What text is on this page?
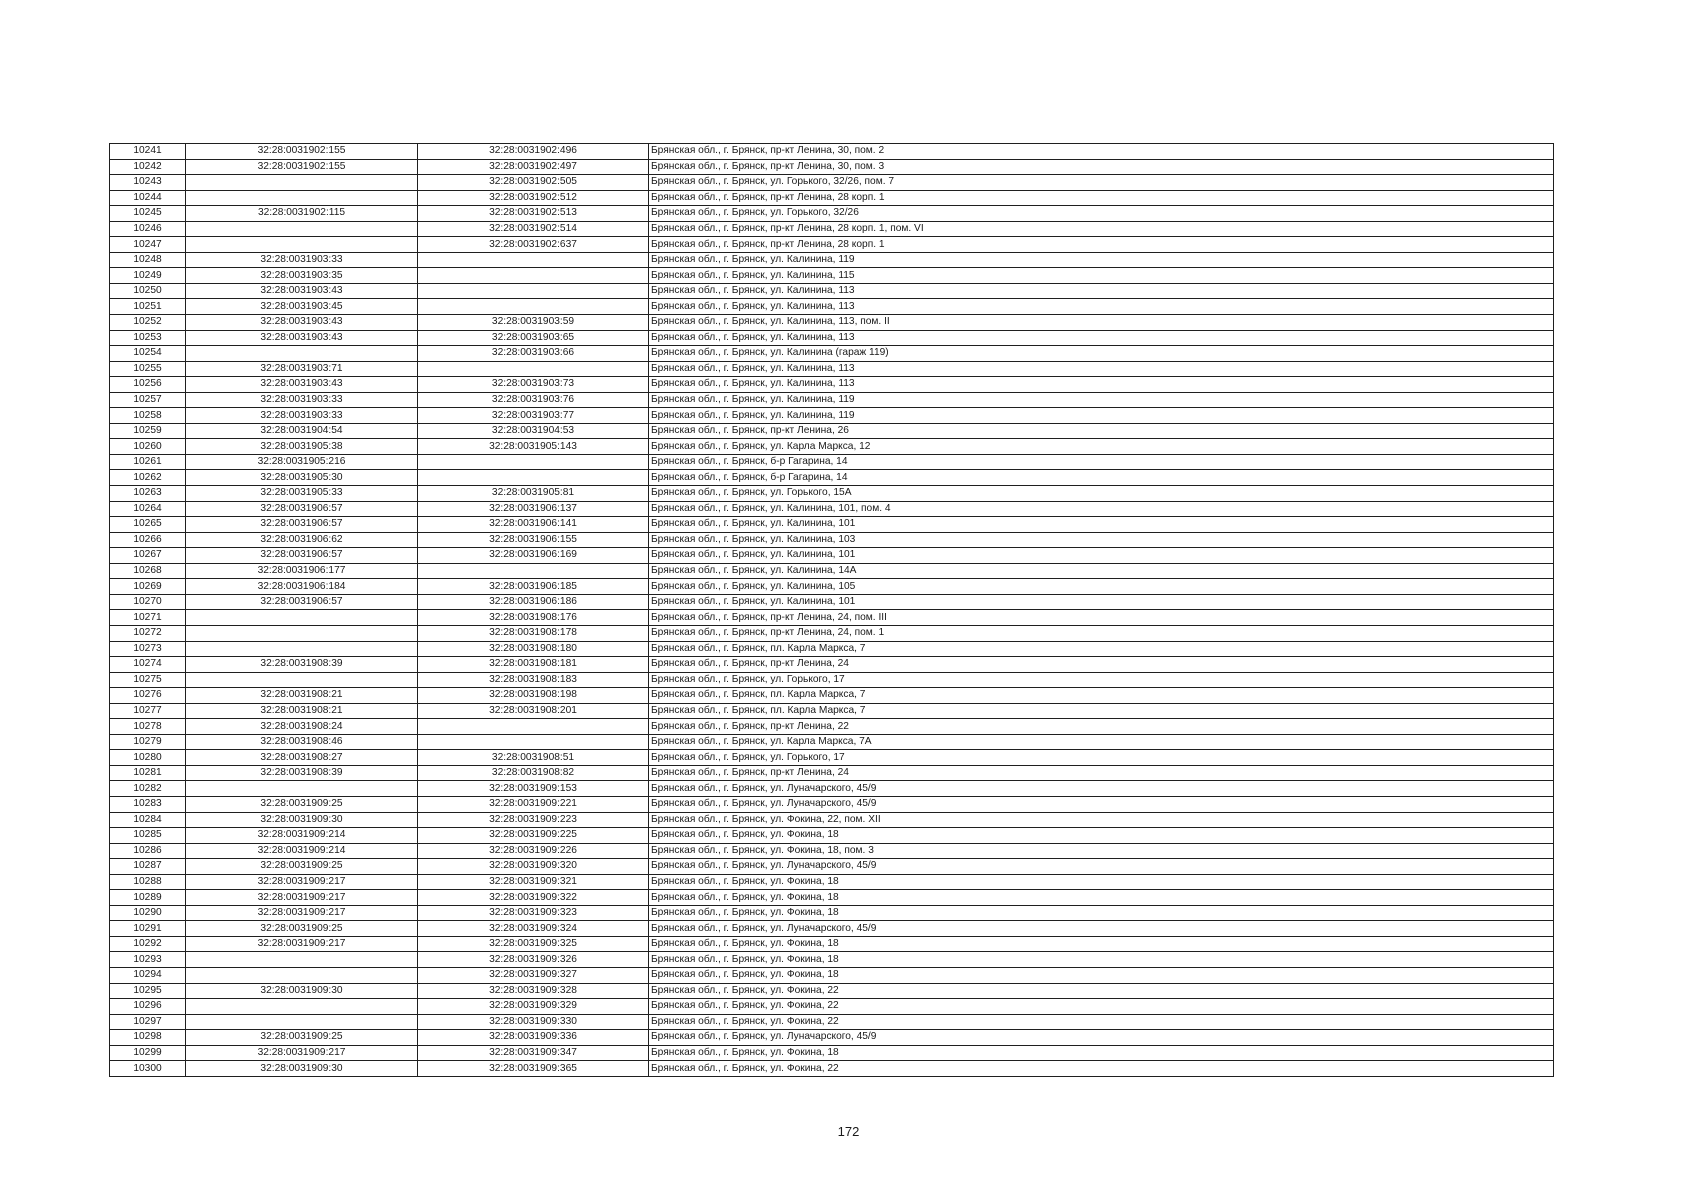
10241	32:28:0031902:155	32:28:0031902:496	Брянская обл., г. Брянск, пр-кт Ленина, 30, пом. 2
10242	32:28:0031902:155	32:28:0031902:497	Брянская обл., г. Брянск, пр-кт Ленина, 30, пом. 3
10243		32:28:0031902:505	Брянская обл., г. Брянск, ул. Горького, 32/26, пом. 7
10244		32:28:0031902:512	Брянская обл., г. Брянск, пр-кт Ленина, 28 корп. 1
10245	32:28:0031902:115	32:28:0031902:513	Брянская обл., г. Брянск, ул. Горького, 32/26
10246		32:28:0031902:514	Брянская обл., г. Брянск, пр-кт Ленина, 28 корп. 1, пом. VI
10247		32:28:0031902:637	Брянская обл., г. Брянск, пр-кт Ленина, 28 корп. 1
10248	32:28:0031903:33		Брянская обл., г. Брянск, ул. Калинина, 119
10249	32:28:0031903:35		Брянская обл., г. Брянск, ул. Калинина, 115
10250	32:28:0031903:43		Брянская обл., г. Брянск, ул. Калинина, 113
10251	32:28:0031903:45		Брянская обл., г. Брянск, ул. Калинина, 113
10252	32:28:0031903:43	32:28:0031903:59	Брянская обл., г. Брянск, ул. Калинина, 113, пом. II
10253	32:28:0031903:43	32:28:0031903:65	Брянская обл., г. Брянск, ул. Калинина, 113
10254		32:28:0031903:66	Брянская обл., г. Брянск, ул. Калинина (гараж 119)
10255	32:28:0031903:71		Брянская обл., г. Брянск, ул. Калинина, 113
10256	32:28:0031903:43	32:28:0031903:73	Брянская обл., г. Брянск, ул. Калинина, 113
10257	32:28:0031903:33	32:28:0031903:76	Брянская обл., г. Брянск, ул. Калинина, 119
10258	32:28:0031903:33	32:28:0031903:77	Брянская обл., г. Брянск, ул. Калинина, 119
10259	32:28:0031904:54	32:28:0031904:53	Брянская обл., г. Брянск, пр-кт Ленина, 26
10260	32:28:0031905:38	32:28:0031905:143	Брянская обл., г. Брянск, ул. Карла Маркса, 12
10261	32:28:0031905:216		Брянская обл., г. Брянск, б-р Гагарина, 14
10262	32:28:0031905:30		Брянская обл., г. Брянск, б-р Гагарина, 14
10263	32:28:0031905:33	32:28:0031905:81	Брянская обл., г. Брянск, ул. Горького, 15А
10264	32:28:0031906:57	32:28:0031906:137	Брянская обл., г. Брянск, ул. Калинина, 101, пом. 4
10265	32:28:0031906:57	32:28:0031906:141	Брянская обл., г. Брянск, ул. Калинина, 101
10266	32:28:0031906:62	32:28:0031906:155	Брянская обл., г. Брянск, ул. Калинина, 103
10267	32:28:0031906:57	32:28:0031906:169	Брянская обл., г. Брянск, ул. Калинина, 101
10268	32:28:0031906:177		Брянская обл., г. Брянск, ул. Калинина, 14А
10269	32:28:0031906:184	32:28:0031906:185	Брянская обл., г. Брянск, ул. Калинина, 105
10270	32:28:0031906:57	32:28:0031906:186	Брянская обл., г. Брянск, ул. Калинина, 101
10271		32:28:0031908:176	Брянская обл., г. Брянск, пр-кт Ленина, 24, пом. III
10272		32:28:0031908:178	Брянская обл., г. Брянск, пр-кт Ленина, 24, пом. 1
10273		32:28:0031908:180	Брянская обл., г. Брянск, пл. Карла Маркса, 7
10274	32:28:0031908:39	32:28:0031908:181	Брянская обл., г. Брянск, пр-кт Ленина, 24
10275		32:28:0031908:183	Брянская обл., г. Брянск, ул. Горького, 17
10276	32:28:0031908:21	32:28:0031908:198	Брянская обл., г. Брянск, пл. Карла Маркса, 7
10277	32:28:0031908:21	32:28:0031908:201	Брянская обл., г. Брянск, пл. Карла Маркса, 7
10278	32:28:0031908:24		Брянская обл., г. Брянск, пр-кт Ленина, 22
10279	32:28:0031908:46		Брянская обл., г. Брянск, ул. Карла Маркса, 7А
10280	32:28:0031908:27	32:28:0031908:51	Брянская обл., г. Брянск, ул. Горького, 17
10281	32:28:0031908:39	32:28:0031908:82	Брянская обл., г. Брянск, пр-кт Ленина, 24
10282		32:28:0031909:153	Брянская обл., г. Брянск, ул. Луначарского, 45/9
10283	32:28:0031909:25	32:28:0031909:221	Брянская обл., г. Брянск, ул. Луначарского, 45/9
10284	32:28:0031909:30	32:28:0031909:223	Брянская обл., г. Брянск, ул. Фокина, 22, пом. XII
10285	32:28:0031909:214	32:28:0031909:225	Брянская обл., г. Брянск, ул. Фокина, 18
10286	32:28:0031909:214	32:28:0031909:226	Брянская обл., г. Брянск, ул. Фокина, 18, пом. 3
10287	32:28:0031909:25	32:28:0031909:320	Брянская обл., г. Брянск, ул. Луначарского, 45/9
10288	32:28:0031909:217	32:28:0031909:321	Брянская обл., г. Брянск, ул. Фокина, 18
10289	32:28:0031909:217	32:28:0031909:322	Брянская обл., г. Брянск, ул. Фокина, 18
10290	32:28:0031909:217	32:28:0031909:323	Брянская обл., г. Брянск, ул. Фокина, 18
10291	32:28:0031909:25	32:28:0031909:324	Брянская обл., г. Брянск, ул. Луначарского, 45/9
10292	32:28:0031909:217	32:28:0031909:325	Брянская обл., г. Брянск, ул. Фокина, 18
10293		32:28:0031909:326	Брянская обл., г. Брянск, ул. Фокина, 18
10294		32:28:0031909:327	Брянская обл., г. Брянск, ул. Фокина, 18
10295	32:28:0031909:30	32:28:0031909:328	Брянская обл., г. Брянск, ул. Фокина, 22
10296		32:28:0031909:329	Брянская обл., г. Брянск, ул. Фокина, 22
10297		32:28:0031909:330	Брянская обл., г. Брянск, ул. Фокина, 22
10298	32:28:0031909:25	32:28:0031909:336	Брянская обл., г. Брянск, ул. Луначарского, 45/9
10299	32:28:0031909:217	32:28:0031909:347	Брянская обл., г. Брянск, ул. Фокина, 18
10300	32:28:0031909:30	32:28:0031909:365	Брянская обл., г. Брянск, ул. Фокина, 22
172
